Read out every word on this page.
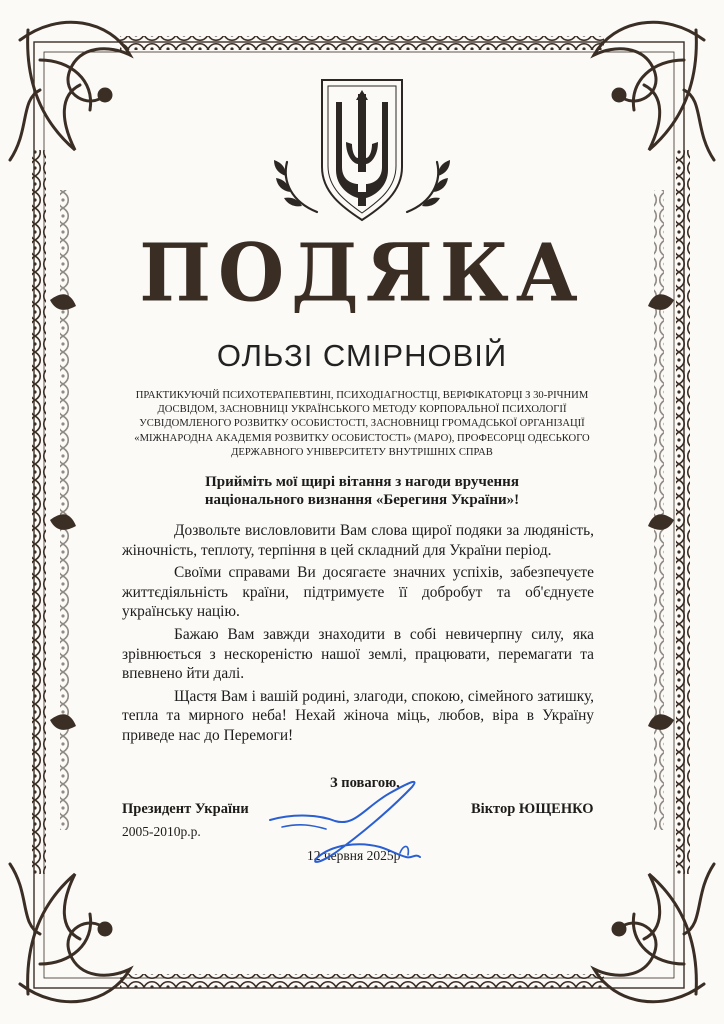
ПОДЯКА
ОЛЬЗІ СМІРНОВІЙ
ПРАКТИКУЮЧІЙ ПСИХОТЕРАПЕВТИНІ, ПСИХОДІАГНОСТЦІ, ВЕРІФІКАТОРЦІ З 30-РІЧНИМ ДОСВІДОМ, ЗАСНОВНИЦІ УКРАЇНСЬКОГО МЕТОДУ КОРПОРАЛЬНОЇ ПСИХОЛОГІЇ УСВІДОМЛЕНОГО РОЗВИТКУ ОСОБИСТОСТІ, ЗАСНОВНИЦІ ГРОМАДСЬКОЇ ОРГАНІЗАЦІЇ «МІЖНАРОДНА АКАДЕМІЯ РОЗВИТКУ ОСОБИСТОСТІ» (МАРО), ПРОФЕСОРЦІ ОДЕСЬКОГО ДЕРЖАВНОГО УНІВЕРСИТЕТУ ВНУТРІШНІХ СПРАВ
Прийміть мої щирі вітання з нагоди вручення
національного визнання «Берегиня України»!

Дозвольте висловловити Вам слова щирої подяки за людяність, жіночність, теплоту, терпіння в цей складний для України період.

Своїми справами Ви досягаєте значних успіхів, забезпечуєте життєдіяльність країни, підтримуєте її добробут та об'єднуєте українську націю.

Бажаю Вам завжди знаходити в собі невичерпну силу, яка зрівнюється з нескореністю нашої землі, працювати, перемагати та впевнено йти далі.

Щастя Вам і вашій родині, злагоди, спокою, сімейного затишку, тепла та мирного неба! Нехай жіноча міць, любов, віра в Україну приведе нас до Перемоги!

З повагою,
Президент України
2005-2010р.р.
Віктор ЮЩЕНКО
12 червня 2025р
